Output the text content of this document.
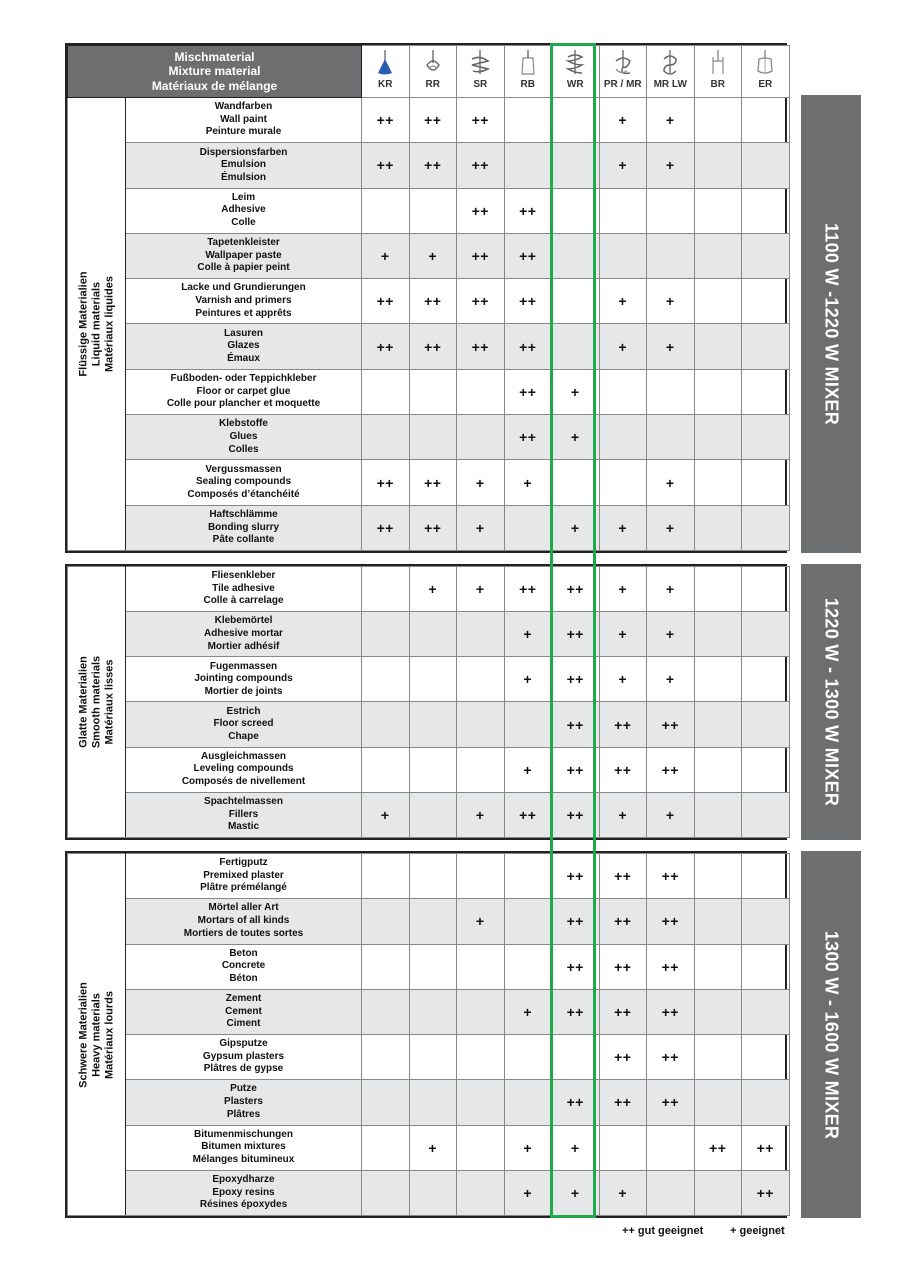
Mischmaterial
Mixture material
Matériaux de mélange		KR	RR	SR	RB	WR	PR / MR	MR LW	BR	ER

Flüssige Materialien Liquid materials Matériaux liquides	Wandfarben
Wall paint
Peinture murale	++	++	++			+	+		

	Dispersionsfarben
Emulsion
Émulsion	++	++	++			+	+		

	Leim
Adhesive
Colle			++	++					

	Tapetenkleister
Wallpaper paste
Colle à papier peint	+	+	++	++					

	Lacke und Grundierungen
Varnish and primers
Peintures et apprêts	++	++	++	++		+	+		

	Lasuren
Glazes
Émaux	++	++	++	++		+	+		

	Fußboden- oder Teppichkleber
Floor or carpet glue
Colle pour plancher et moquette				++	+				

	Klebstoffe
Glues
Colles				++	+				

	Vergussmassen
Sealing compounds
Composés d’étanchéité	++	++	+	+			+		

	Haftschlämme
Bonding slurry
Pâte collante	++	++	+		+	+	+		
Glatte Materialien Smooth materials Matériaux lisses	Fliesenkleber
Tile adhesive
Colle à carrelage		+	+	++	++	+	+		

	Klebemörtel
Adhesive mortar
Mortier adhésif				+	++	+	+		

	Fugenmassen
Jointing compounds
Mortier de joints				+	++	+	+		

	Estrich
Floor screed
Chape					++	++	++		

	Ausgleichmassen
Leveling compounds
Composés de nivellement				+	++	++	++		

	Spachtelmassen
Fillers
Mastic	+		+	++	++	+	+		
Schwere Materialien Heavy materials Matériaux lourds	Fertigputz
Premixed plaster
Plâtre prémélangé					++	++	++		

	Mörtel aller Art
Mortars of all kinds
Mortiers de toutes sortes			+		++	++	++		

	Beton
Concrete
Béton					++	++	++		

	Zement
Cement
Ciment				+	++	++	++		

	Gipsputze
Gypsum plasters
Plâtres de gypse						++	++		

	Putze
Plasters
Plâtres					++	++	++		

	Bitumenmischungen
Bitumen mixtures
Mélanges bitumineux		+		+	+			++	++

	Epoxydharze
Epoxy resins
Résines époxydes				+	+	+			++
1100 W -1220 W MIXER
1220 W - 1300 W MIXER
1300 W - 1600 W MIXER
++ gut geeignet + geeignet
